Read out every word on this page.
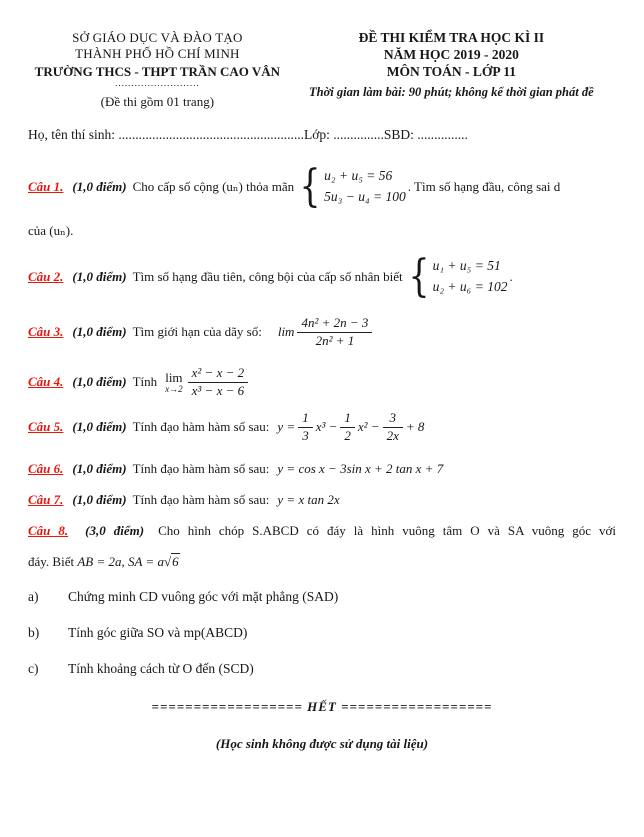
SỞ GIÁO DỤC VÀ ĐÀO TẠO
THÀNH PHỐ HỒ CHÍ MINH
TRƯỜNG THCS - THPT TRẦN CAO VÂN
..........................
(Đề thi gồm 01 trang)
ĐỀ THI KIỂM TRA HỌC KÌ II
NĂM HỌC 2019 - 2020
MÔN TOÁN - LỚP 11
Thời gian làm bài: 90 phút; không kể thời gian phát đề
Họ, tên thí sinh: .......................................................Lớp: ...............SBD: ...............
Câu 1. (1,0 điểm) Cho cấp số cộng (uₙ) thỏa mãn { u₂ + u₅ = 56
5u₃ − u₄ = 100
. Tìm số hạng đầu, công sai d
của (uₙ).
Câu 2. (1,0 điểm) Tìm số hạng đầu tiên, công bội của cấp số nhân biết { u₁ + u₅ = 51
u₂ + u₆ = 102
.
Câu 3. (1,0 điểm) Tìm giới hạn của dãy số: $\lim \frac{\text{4n² + 2n − 3}}{\text{2n² + 1}}$
Câu 4. (1,0 điểm) Tính lim
$x\to 2 \frac{\text{x² − x − 2}}{\text{x³ − x − 6}}$
Câu 5. (1,0 điểm) Tính đạo hàm hàm số sau: $y = \frac{1}{3} x^3 - \frac{1}{2} x^2 - \frac{3}{2x} + 8$
Câu 6. (1,0 điểm) Tính đạo hàm hàm số sau: y = cos x − 3sin x + 2 tan x + 7
Câu 7. (1,0 điểm) Tính đạo hàm hàm số sau: y = x tan 2x
Câu 8. (3,0 điểm) Cho hình chóp S.ABCD có đáy là hình vuông tâm O và SA vuông góc với
đáy. Biết AB = 2a, SA = a√6
a)	Chứng minh CD vuông góc với mặt phẳng (SAD)
b)	Tính góc giữa SO và mp(ABCD)
c)	Tính khoảng cách từ O đến (SCD)
================== HẾT ==================
(Học sinh không được sử dụng tài liệu)
